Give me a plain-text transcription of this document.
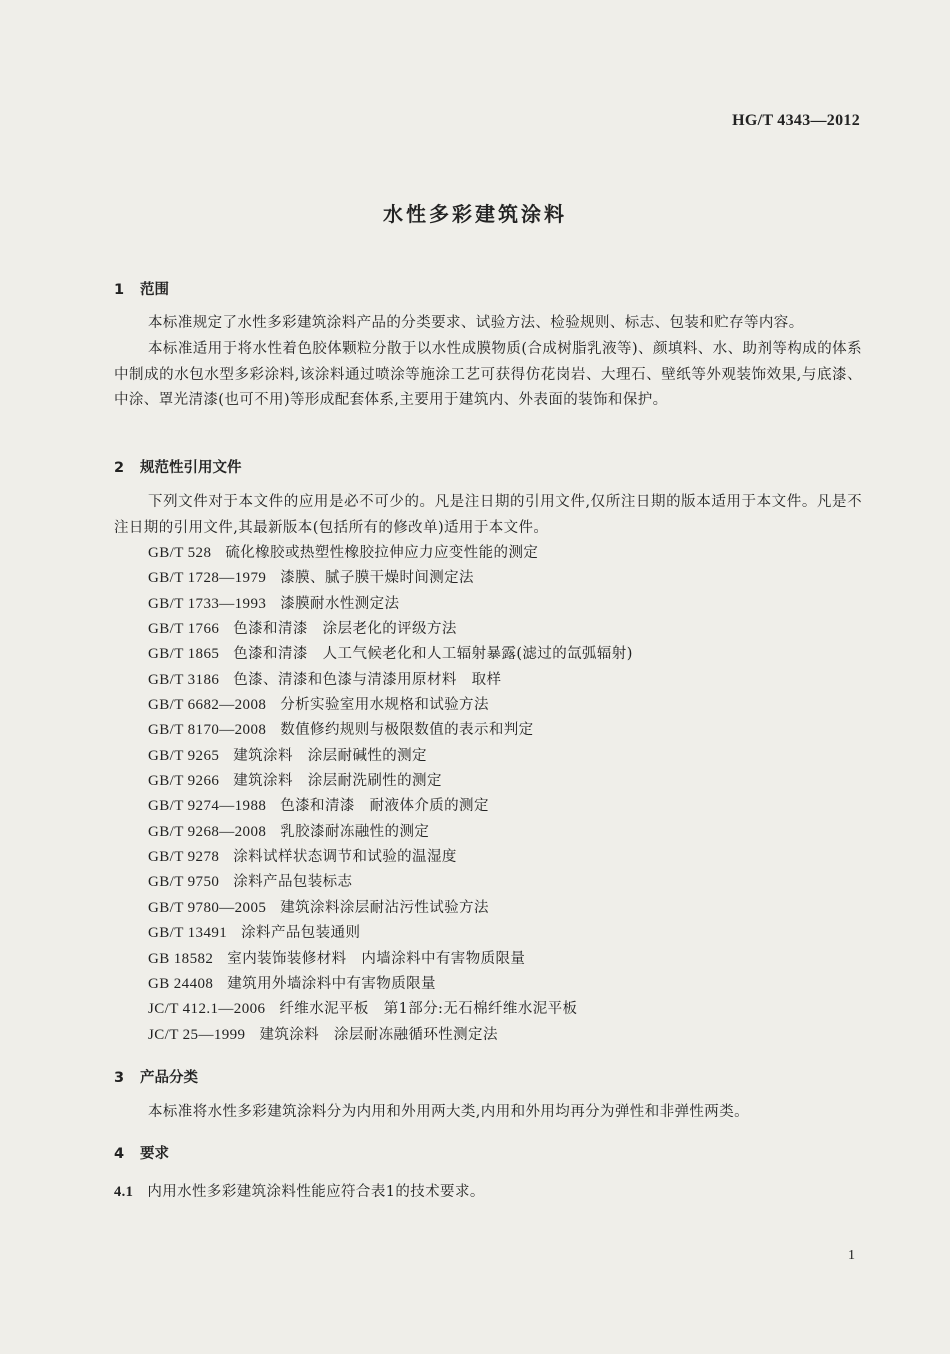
HG/T 4343—2012
水性多彩建筑涂料
1 范围

本标准规定了水性多彩建筑涂料产品的分类要求、试验方法、检验规则、标志、包装和贮存等内容。

本标准适用于将水性着色胶体颗粒分散于以水性成膜物质(合成树脂乳液等)、颜填料、水、助剂等构成的体系中制成的水包水型多彩涂料,该涂料通过喷涂等施涂工艺可获得仿花岗岩、大理石、壁纸等外观装饰效果,与底漆、中涂、罩光清漆(也可不用)等形成配套体系,主要用于建筑内、外表面的装饰和保护。

2 规范性引用文件

下列文件对于本文件的应用是必不可少的。凡是注日期的引用文件,仅所注日期的版本适用于本文件。凡是不注日期的引用文件,其最新版本(包括所有的修改单)适用于本文件。

GB/T 528 硫化橡胶或热塑性橡胶拉伸应力应变性能的测定
GB/T 1728—1979 漆膜、腻子膜干燥时间测定法
GB/T 1733—1993 漆膜耐水性测定法
GB/T 1766 色漆和清漆　涂层老化的评级方法
GB/T 1865 色漆和清漆　人工气候老化和人工辐射暴露(滤过的氙弧辐射)
GB/T 3186 色漆、清漆和色漆与清漆用原材料　取样
GB/T 6682—2008 分析实验室用水规格和试验方法
GB/T 8170—2008 数值修约规则与极限数值的表示和判定
GB/T 9265 建筑涂料　涂层耐碱性的测定
GB/T 9266 建筑涂料　涂层耐洗刷性的测定
GB/T 9274—1988 色漆和清漆　耐液体介质的测定
GB/T 9268—2008 乳胶漆耐冻融性的测定
GB/T 9278 涂料试样状态调节和试验的温湿度
GB/T 9750 涂料产品包装标志
GB/T 9780—2005 建筑涂料涂层耐沾污性试验方法
GB/T 13491 涂料产品包装通则
GB 18582 室内装饰装修材料　内墙涂料中有害物质限量
GB 24408 建筑用外墙涂料中有害物质限量
JC/T 412.1—2006 纤维水泥平板　第1部分:无石棉纤维水泥平板
JC/T 25—1999 建筑涂料　涂层耐冻融循环性测定法
3 产品分类

本标准将水性多彩建筑涂料分为内用和外用两大类,内用和外用均再分为弹性和非弹性两类。

4 要求
4.1 内用水性多彩建筑涂料性能应符合表1的技术要求。
1
